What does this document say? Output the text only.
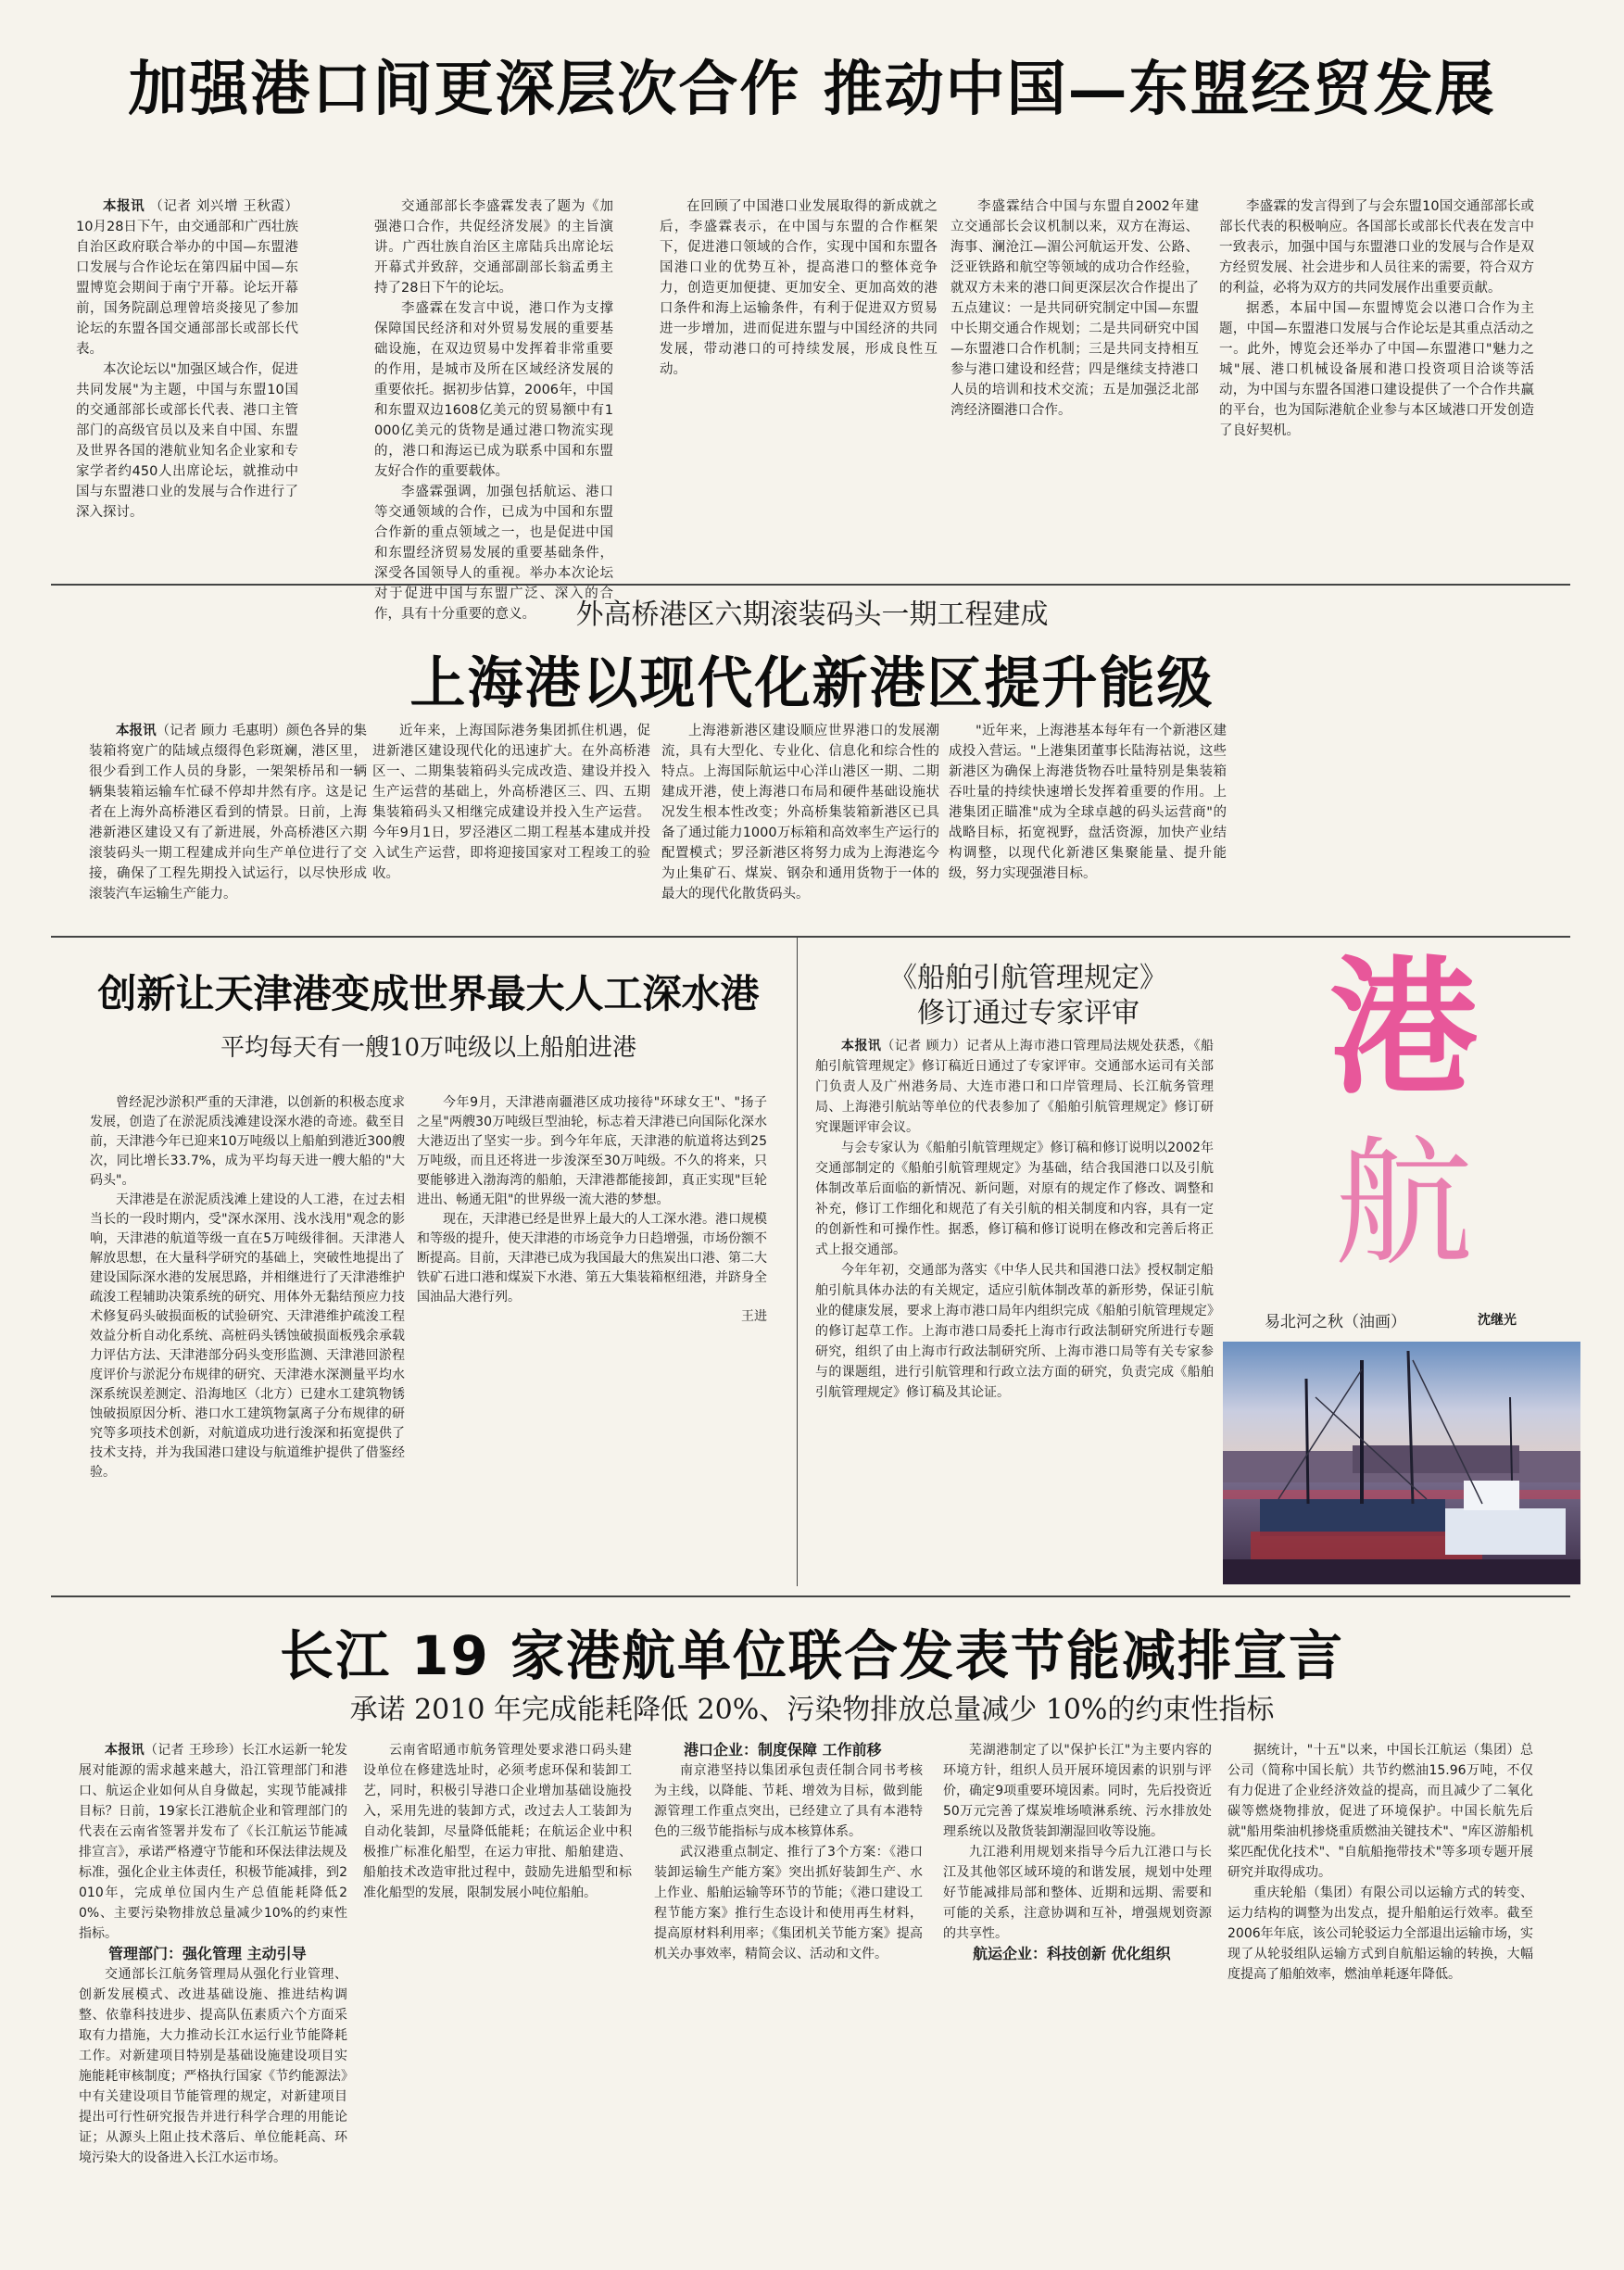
加强港口间更深层次合作 推动中国—东盟经贸发展

本报讯 （记者 刘兴增 王秋霞）10月28日下午，由交通部和广西壮族自治区政府联合举办的中国—东盟港口发展与合作论坛在第四届中国—东盟博览会期间于南宁开幕。论坛开幕前，国务院副总理曾培炎接见了参加论坛的东盟各国交通部部长或部长代表。

本次论坛以"加强区域合作，促进共同发展"为主题，中国与东盟10国的交通部部长或部长代表、港口主管部门的高级官员以及来自中国、东盟及世界各国的港航业知名企业家和专家学者约450人出席论坛，就推动中国与东盟港口业的发展与合作进行了深入探讨。

交通部部长李盛霖发表了题为《加强港口合作，共促经济发展》的主旨演讲。广西壮族自治区主席陆兵出席论坛开幕式并致辞，交通部副部长翁孟勇主持了28日下午的论坛。

李盛霖在发言中说，港口作为支撑保障国民经济和对外贸易发展的重要基础设施，在双边贸易中发挥着非常重要的作用，是城市及所在区域经济发展的重要依托。据初步估算，2006年，中国和东盟双边1608亿美元的贸易额中有1000亿美元的货物是通过港口物流实现的，港口和海运已成为联系中国和东盟友好合作的重要载体。

李盛霖强调，加强包括航运、港口等交通领域的合作，已成为中国和东盟合作新的重点领域之一，也是促进中国和东盟经济贸易发展的重要基础条件，深受各国领导人的重视。举办本次论坛对于促进中国与东盟广泛、深入的合作，具有十分重要的意义。

在回顾了中国港口业发展取得的新成就之后，李盛霖表示，在中国与东盟的合作框架下，促进港口领域的合作，实现中国和东盟各国港口业的优势互补，提高港口的整体竞争力，创造更加便捷、更加安全、更加高效的港口条件和海上运输条件，有利于促进双方贸易进一步增加，进而促进东盟与中国经济的共同发展，带动港口的可持续发展，形成良性互动。

李盛霖结合中国与东盟自2002年建立交通部长会议机制以来，双方在海运、海事、澜沧江—湄公河航运开发、公路、泛亚铁路和航空等领域的成功合作经验，就双方未来的港口间更深层次合作提出了五点建议：一是共同研究制定中国—东盟中长期交通合作规划；二是共同研究中国—东盟港口合作机制；三是共同支持相互参与港口建设和经营；四是继续支持港口人员的培训和技术交流；五是加强泛北部湾经济圈港口合作。

李盛霖的发言得到了与会东盟10国交通部部长或部长代表的积极响应。各国部长或部长代表在发言中一致表示，加强中国与东盟港口业的发展与合作是双方经贸发展、社会进步和人员往来的需要，符合双方的利益，必将为双方的共同发展作出重要贡献。

据悉，本届中国—东盟博览会以港口合作为主题，中国—东盟港口发展与合作论坛是其重点活动之一。此外，博览会还举办了中国—东盟港口"魅力之城"展、港口机械设备展和港口投资项目洽谈等活动，为中国与东盟各国港口建设提供了一个合作共赢的平台，也为国际港航企业参与本区域港口开发创造了良好契机。

外高桥港区六期滚装码头一期工程建成
上海港以现代化新港区提升能级

本报讯（记者 顾力 毛惠明）颜色各异的集装箱将宽广的陆域点缀得色彩斑斓，港区里，很少看到工作人员的身影，一架架桥吊和一辆辆集装箱运输车忙碌不停却井然有序。这是记者在上海外高桥港区看到的情景。日前，上海港新港区建设又有了新进展，外高桥港区六期滚装码头一期工程建成并向生产单位进行了交接，确保了工程先期投入试运行，以尽快形成滚装汽车运输生产能力。

近年来，上海国际港务集团抓住机遇，促进新港区建设现代化的迅速扩大。在外高桥港区一、二期集装箱码头完成改造、建设并投入生产运营的基础上，外高桥港区三、四、五期集装箱码头又相继完成建设并投入生产运营。今年9月1日，罗泾港区二期工程基本建成并投入试生产运营，即将迎接国家对工程竣工的验收。

上海港新港区建设顺应世界港口的发展潮流，具有大型化、专业化、信息化和综合性的特点。上海国际航运中心洋山港区一期、二期建成开港，使上海港口布局和硬件基础设施状况发生根本性改变；外高桥集装箱新港区已具备了通过能力1000万标箱和高效率生产运行的配置模式；罗泾新港区将努力成为上海港迄今为止集矿石、煤炭、钢杂和通用货物于一体的最大的现代化散货码头。

"近年来，上海港基本每年有一个新港区建成投入营运。"上港集团董事长陆海祜说，这些新港区为确保上海港货物吞吐量特别是集装箱吞吐量的持续快速增长发挥着重要的作用。上港集团正瞄准"成为全球卓越的码头运营商"的战略目标，拓宽视野，盘活资源，加快产业结构调整，以现代化新港区集聚能量、提升能级，努力实现强港目标。

创新让天津港变成世界最大人工深水港
平均每天有一艘10万吨级以上船舶进港

曾经泥沙淤积严重的天津港，以创新的积极态度求发展，创造了在淤泥质浅滩建设深水港的奇迹。截至目前，天津港今年已迎来10万吨级以上船舶到港近300艘次，同比增长33.7%，成为平均每天进一艘大船的"大码头"。

天津港是在淤泥质浅滩上建设的人工港，在过去相当长的一段时期内，受"深水深用、浅水浅用"观念的影响，天津港的航道等级一直在5万吨级徘徊。天津港人解放思想，在大量科学研究的基础上，突破性地提出了建设国际深水港的发展思路，并相继进行了天津港维护疏浚工程辅助决策系统的研究、用体外无黏结预应力技术修复码头破损面板的试验研究、天津港维护疏浚工程效益分析自动化系统、高桩码头锈蚀破损面板残余承载力评估方法、天津港部分码头变形监测、天津港回淤程度评价与淤泥分布规律的研究、天津港水深测量平均水深系统误差测定、沿海地区（北方）已建水工建筑物锈蚀破损原因分析、港口水工建筑物氯离子分布规律的研究等多项技术创新，对航道成功进行浚深和拓宽提供了技术支持，并为我国港口建设与航道维护提供了借鉴经验。

今年9月，天津港南疆港区成功接待"环球女王"、"扬子之星"两艘30万吨级巨型油轮，标志着天津港已向国际化深水大港迈出了坚实一步。到今年年底，天津港的航道将达到25万吨级，而且还将进一步浚深至30万吨级。不久的将来，只要能够进入渤海湾的船舶，天津港都能接卸，真正实现"巨轮进出、畅通无阻"的世界级一流大港的梦想。

现在，天津港已经是世界上最大的人工深水港。港口规模和等级的提升，使天津港的市场竞争力日趋增强，市场份额不断提高。目前，天津港已成为我国最大的焦炭出口港、第二大铁矿石进口港和煤炭下水港、第五大集装箱枢纽港，并跻身全国油品大港行列。

王进

《船舶引航管理规定》
修订通过专家评审

本报讯（记者 顾力）记者从上海市港口管理局法规处获悉，《船舶引航管理规定》修订稿近日通过了专家评审。交通部水运司有关部门负责人及广州港务局、大连市港口和口岸管理局、长江航务管理局、上海港引航站等单位的代表参加了《船舶引航管理规定》修订研究课题评审会议。

与会专家认为《船舶引航管理规定》修订稿和修订说明以2002年交通部制定的《船舶引航管理规定》为基础，结合我国港口以及引航体制改革后面临的新情况、新问题，对原有的规定作了修改、调整和补充，修订工作细化和规范了有关引航的相关制度和内容，具有一定的创新性和可操作性。据悉，修订稿和修订说明在修改和完善后将正式上报交通部。

今年年初，交通部为落实《中华人民共和国港口法》授权制定船舶引航具体办法的有关规定，适应引航体制改革的新形势，保证引航业的健康发展，要求上海市港口局年内组织完成《船舶引航管理规定》的修订起草工作。上海市港口局委托上海市行政法制研究所进行专题研究，组织了由上海市行政法制研究所、上海市港口局等有关专家参与的课题组，进行引航管理和行政立法方面的研究，负责完成《船舶引航管理规定》修订稿及其论证。

港
航
易北河之秋（油画）	沈继光
长江 19 家港航单位联合发表节能减排宣言
承诺 2010 年完成能耗降低 20%、污染物排放总量减少 10%的约束性指标

本报讯（记者 王珍珍）长江水运新一轮发展对能源的需求越来越大，沿江管理部门和港口、航运企业如何从自身做起，实现节能减排目标？日前，19家长江港航企业和管理部门的代表在云南省签署并发布了《长江航运节能减排宣言》，承诺严格遵守节能和环保法律法规及标准，强化企业主体责任，积极节能减排，到2010年，完成单位国内生产总值能耗降低20%、主要污染物排放总量减少10%的约束性指标。

管理部门：强化管理 主动引导

交通部长江航务管理局从强化行业管理、创新发展模式、改进基础设施、推进结构调整、依靠科技进步、提高队伍素质六个方面采取有力措施，大力推动长江水运行业节能降耗工作。对新建项目特别是基础设施建设项目实施能耗审核制度；严格执行国家《节约能源法》中有关建设项目节能管理的规定，对新建项目提出可行性研究报告并进行科学合理的用能论证；从源头上阻止技术落后、单位能耗高、环境污染大的设备进入长江水运市场。

云南省昭通市航务管理处要求港口码头建设单位在修建选址时，必须考虑环保和装卸工艺，同时，积极引导港口企业增加基础设施投入，采用先进的装卸方式，改过去人工装卸为自动化装卸，尽量降低能耗；在航运企业中积极推广标准化船型，在运力审批、船舶建造、船舶技术改造审批过程中，鼓励先进船型和标准化船型的发展，限制发展小吨位船舶。

港口企业：制度保障 工作前移

南京港坚持以集团承包责任制合同书考核为主线，以降能、节耗、增效为目标，做到能源管理工作重点突出，已经建立了具有本港特色的三级节能指标与成本核算体系。

武汉港重点制定、推行了3个方案：《港口装卸运输生产能方案》突出抓好装卸生产、水上作业、船舶运输等环节的节能；《港口建设工程节能方案》推行生态设计和使用再生材料，提高原材料利用率；《集团机关节能方案》提高机关办事效率，精简会议、活动和文件。

芜湖港制定了以"保护长江"为主要内容的环境方针，组织人员开展环境因素的识别与评价，确定9项重要环境因素。同时，先后投资近50万元完善了煤炭堆场喷淋系统、污水排放处理系统以及散货装卸潮湿回收等设施。

九江港利用规划来指导今后九江港口与长江及其他邻区域环境的和谐发展，规划中处理好节能减排局部和整体、近期和远期、需要和可能的关系，注意协调和互补，增强规划资源的共享性。

航运企业：科技创新 优化组织

据统计，"十五"以来，中国长江航运（集团）总公司（简称中国长航）共节约燃油15.96万吨，不仅有力促进了企业经济效益的提高，而且减少了二氧化碳等燃烧物排放，促进了环境保护。中国长航先后就"船用柴油机掺烧重质燃油关键技术"、"库区游船机桨匹配优化技术"、"自航船拖带技术"等多项专题开展研究并取得成功。

重庆轮船（集团）有限公司以运输方式的转变、运力结构的调整为出发点，提升船舶运行效率。截至2006年年底，该公司轮驳运力全部退出运输市场，实现了从轮驳组队运输方式到自航船运输的转换，大幅度提高了船舶效率，燃油单耗逐年降低。
